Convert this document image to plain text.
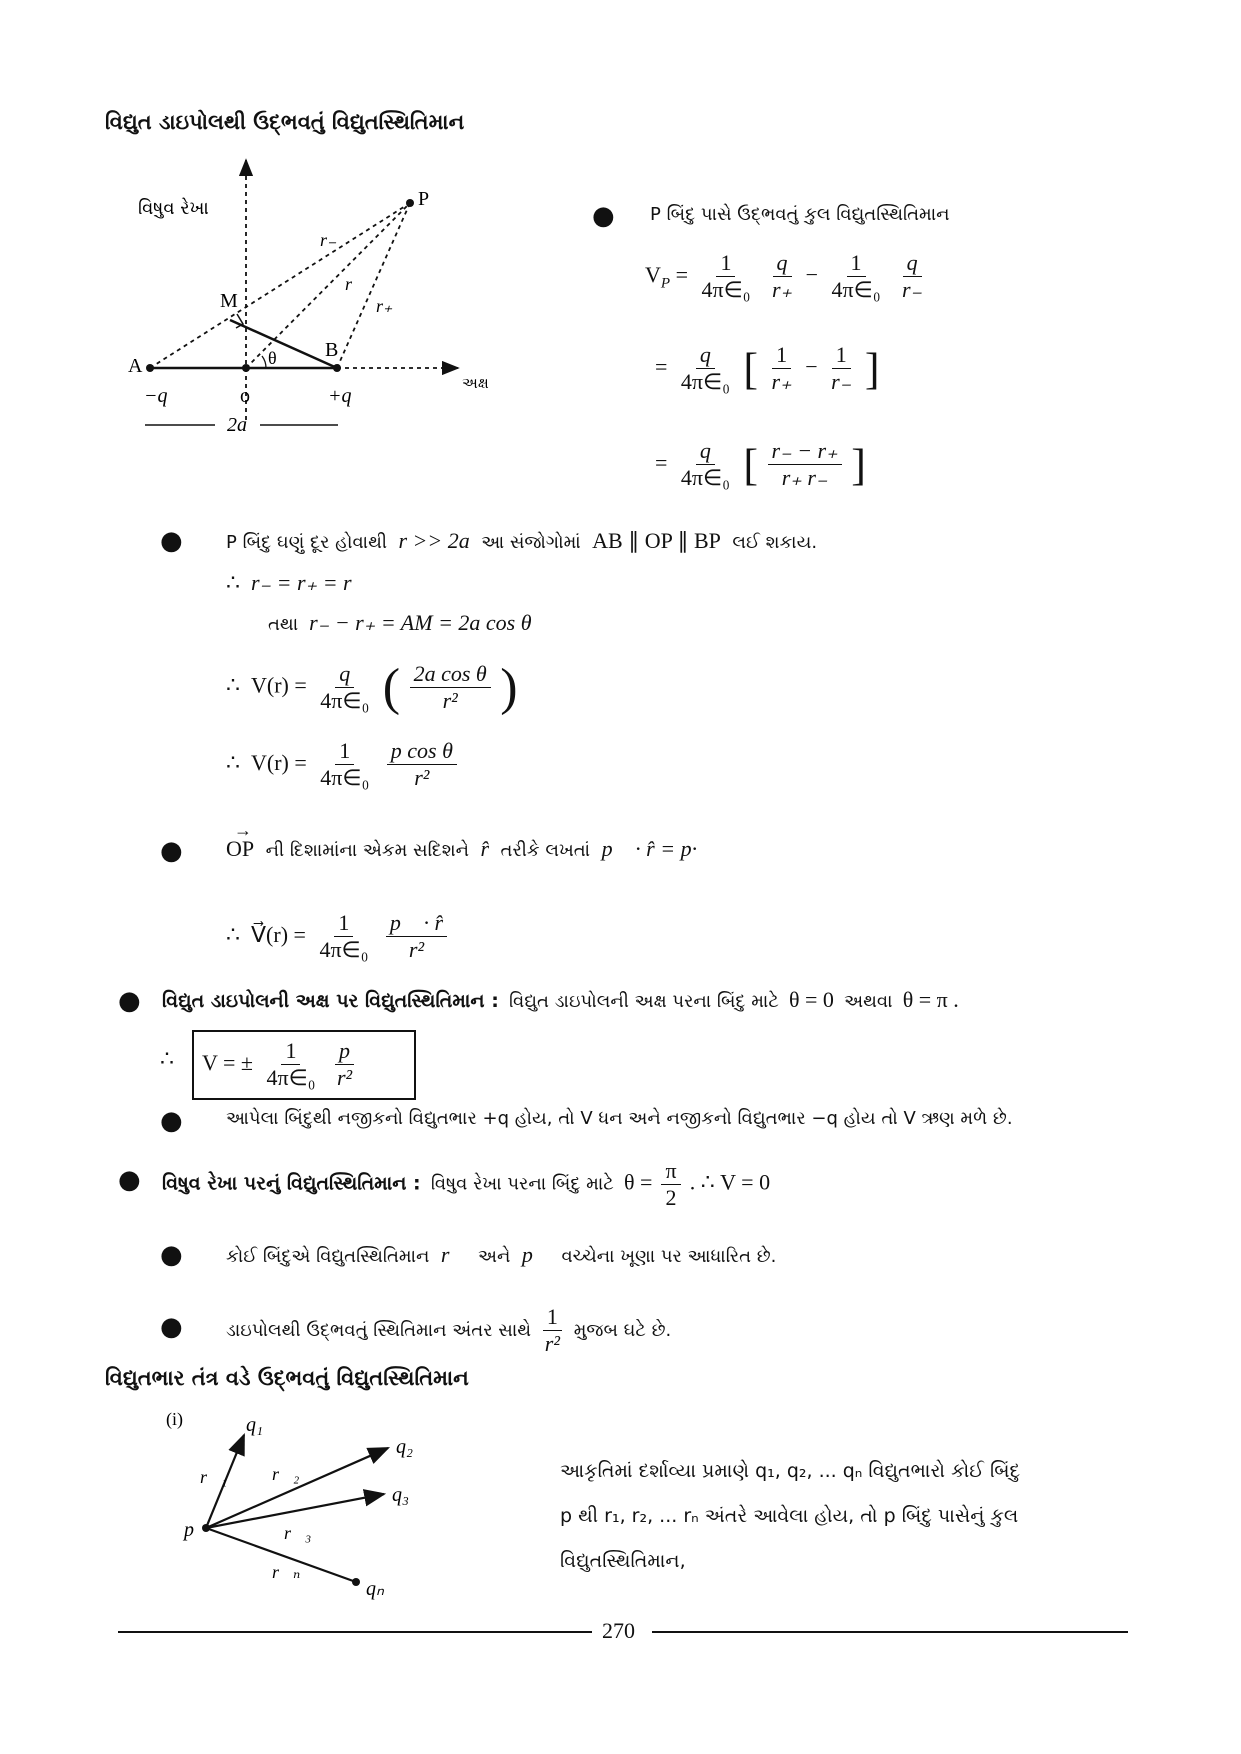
વિદ્યુત ડાઇપોલથી ઉદ્‌ભવતું વિદ્યુતસ્થિતિમાન
વિષુવ રેખા	P
r₋
r
r₊
M
A
B
θ
અક્ષ
−q	o	+q
2a
● P બિંદુ પાસે ઉદ્‌ભવતું કુલ વિદ્યુતસ્થિતિમાન
$V_P = \frac{1}{\text{4π∈₀}}$
$\frac{q}{r_+} - \frac{1}{\text{4π∈₀}}$
$\frac{q}{r_-}$
= $\frac{q}{\text{4π∈₀}}$ [ $\frac{1}{r_+} - \frac{1}{r_-}$ ]
= $\frac{q}{\text{4π∈₀}}$ [ $\frac{r_- - r_+}{r_+ r_-}$ ]
● P બિંદુ ઘણું દૂર હોવાથી r >> 2a આ સંજોગોમાં AB ∥ OP ∥ BP લઈ શકાય.
∴ r₋ = r₊ = r
તથા r₋ − r₊ = AM = 2a cos θ
∴ $V(r) = \frac{q}{\text{4π∈₀}}$ ( $\frac{\text{2a cos θ}}{\text{r²}}$ )
∴ $V(r) = \frac{1}{\text{4π∈₀}}$
$\frac{\text{p cos θ}}{\text{r²}}$
●
→
OP ની દિશામાંના એકમ સદિશને r̂ તરીકે લખતાં p⃗ · r̂ = p·
∴ V⃗(r) = $\frac{1}{\text{4π∈₀}}$
$\frac{p⃗ \cdot r̂}{\text{r²}}$
● વિદ્યુત ડાઇપોલની અક્ષ પર વિદ્યુતસ્થિતિમાન : વિદ્યુત ડાઇપોલની અક્ષ પરના બિંદુ માટે θ = 0 અથવા θ = π .
∴	V = ± $\frac{1}{\text{4π∈₀}}$
$\frac{p}{\text{r²}}$
● આપેલા બિંદુથી નજીકનો વિદ્યુતભાર +q હોય, તો V ધન અને નજીકનો વિદ્યુતભાર −q હોય તો V ઋણ મળે છે.
● વિષુવ રેખા પરનું વિદ્યુતસ્થિતિમાન : વિષુવ રેખા પરના બિંદુ માટે $\theta = \frac{\pi}{2}$ . ∴ V = 0
● કોઈ બિંદુએ વિદ્યુતસ્થિતિમાન r⃗ અને p⃗ વચ્ચેના ખૂણા પર આધારિત છે.
● ડાઇપોલથી ઉદ્‌ભવતું સ્થિતિમાન અંતર સાથે $\frac{1}{\text{r²}}$ મુજબ ઘટે છે.
વિદ્યુતભાર તંત્ર વડે ઉદ્‌ભવતું વિદ્યુતસ્થિતિમાન
(i)
p
q₁
q₂
q₃
qₙ
r⃗₁ r⃗₂
r⃗₃
r⃗ₙ
આકૃતિમાં દર્શાવ્યા પ્રમાણે q₁, q₂, ... qₙ વિદ્યુતભારો કોઈ બિંદુ
p થી r₁, r₂, ... rₙ અંતરે આવેલા હોય, તો p બિંદુ પાસેનું કુલ
વિદ્યુતસ્થિતિમાન,
270
